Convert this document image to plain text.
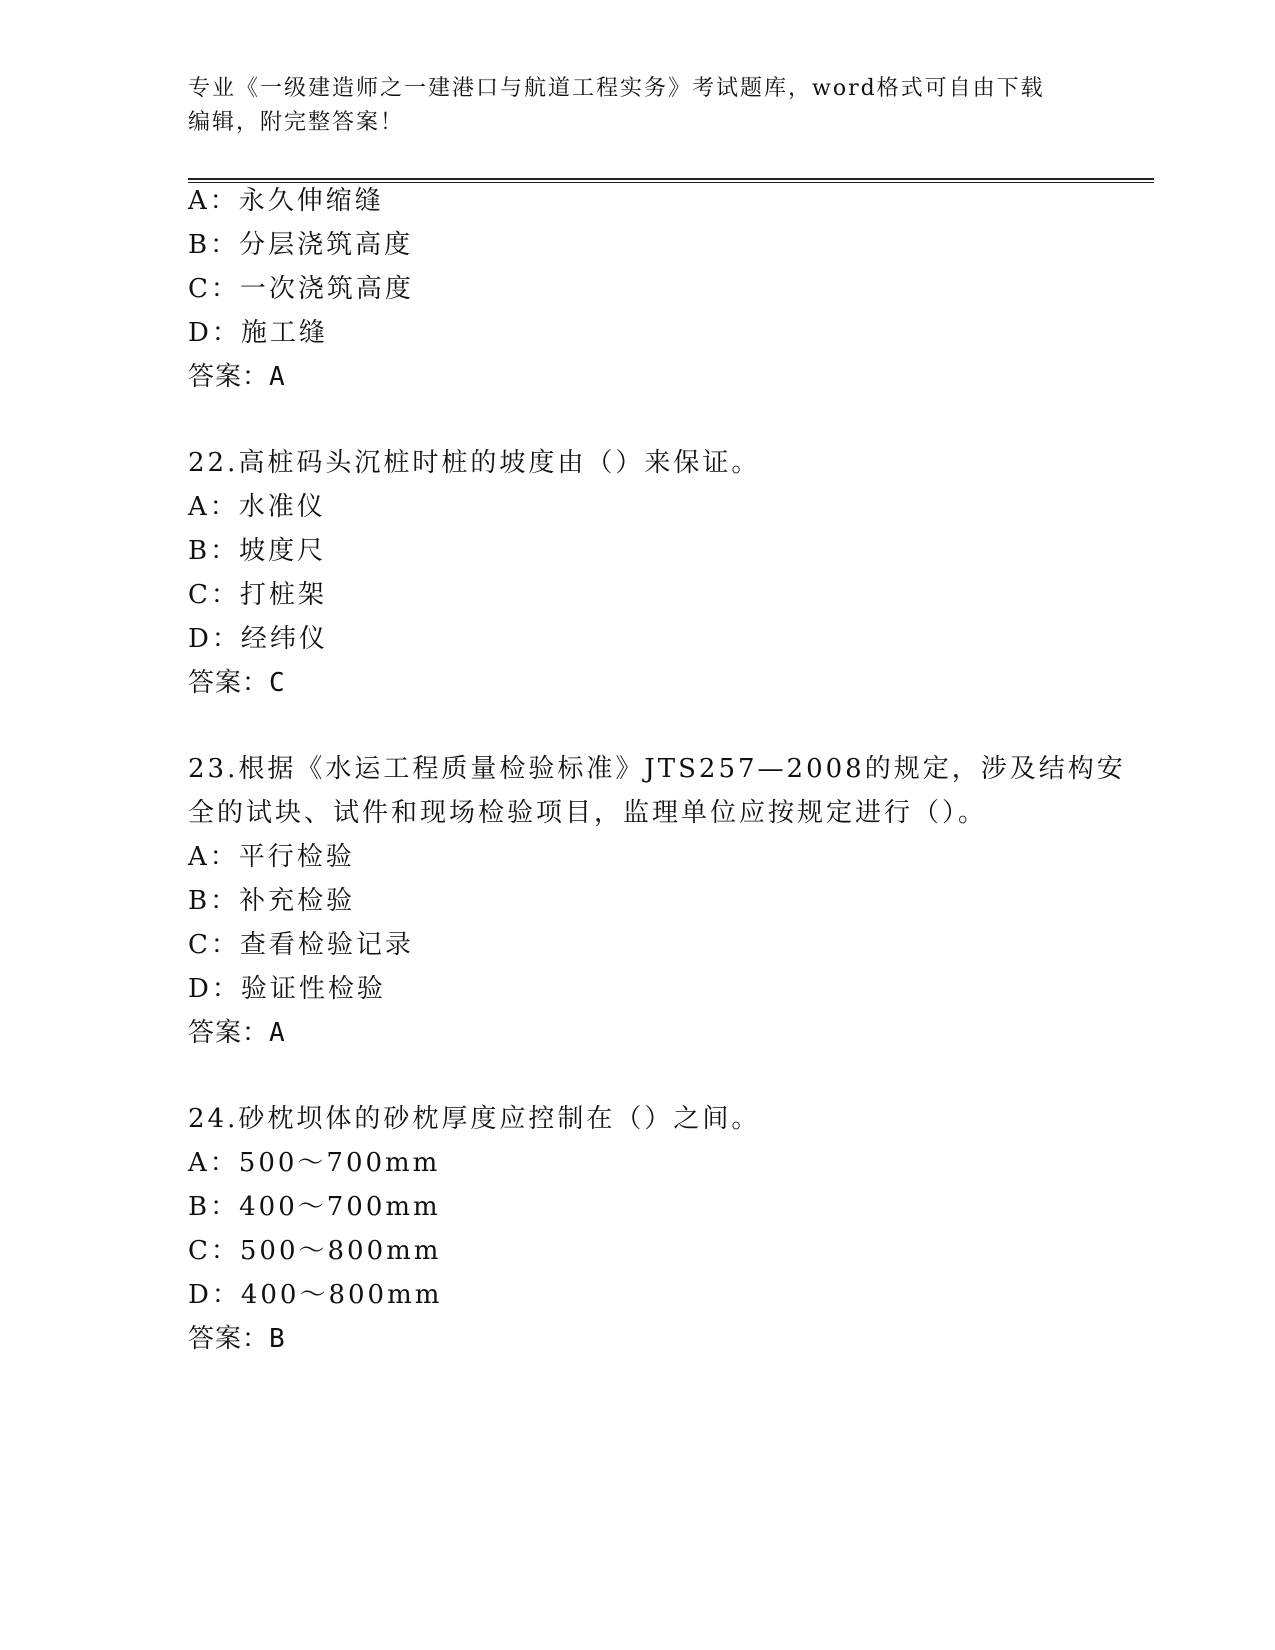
专业《一级建造师之一建港口与航道工程实务》考试题库，word格式可自由下载
编辑，附完整答案！
A：永久伸缩缝
B：分层浇筑高度
C：一次浇筑高度
D：施工缝
答案：A
22.高桩码头沉桩时桩的坡度由（）来保证。
A：水准仪
B：坡度尺
C：打桩架
D：经纬仪
答案：C
23.根据《水运工程质量检验标准》JTS257—2008的规定，涉及结构安
全的试块、试件和现场检验项目，监理单位应按规定进行（）。
A：平行检验
B：补充检验
C：查看检验记录
D：验证性检验
答案：A
24.砂枕坝体的砂枕厚度应控制在（）之间。
A：500～700mm
B：400～700mm
C：500～800mm
D：400～800mm
答案：B
